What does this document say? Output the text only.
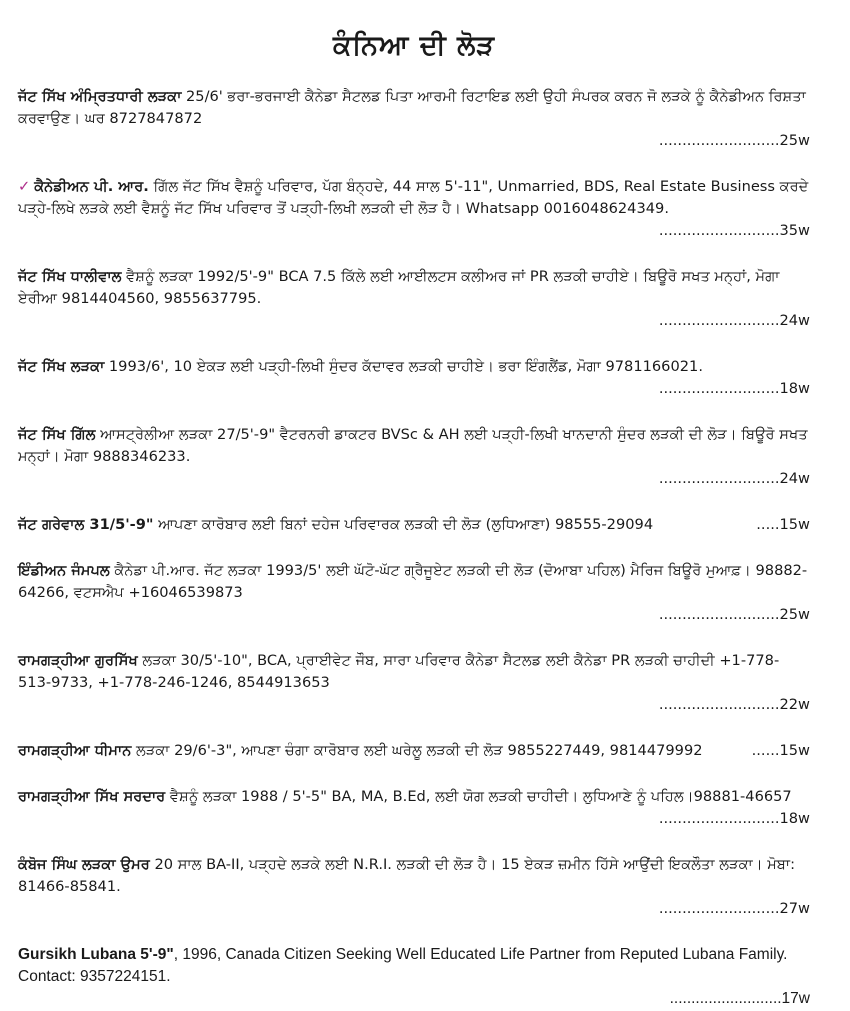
ਕੰਨਿਆ ਦੀ ਲੋੜ
ਜੱਟ ਸਿੱਖ ਅੰਮ੍ਰਿਤਧਾਰੀ ਲੜਕਾ 25/6' ਭਰਾ-ਭਰਜਾਈ ਕੈਨੇਡਾ ਸੈਟਲਡ ਪਿਤਾ ਆਰਮੀ ਰਿਟਾਇਡ ਲਈ ਉਹੀ ਸੰਪਰਕ ਕਰਨ ਜੋ ਲੜਕੇ ਨੂੰ ਕੈਨੇਡੀਅਨ ਰਿਸ਼ਤਾ ਕਰਵਾਉਣ। ਘਰ 8727847872
..........................25w
✓ ਕੈਨੇਡੀਅਨ ਪੀ. ਆਰ. ਗਿੱਲ ਜੱਟ ਸਿੱਖ ਵੈਸ਼ਨੂੰ ਪਰਿਵਾਰ, ਪੱਗ ਬੰਨ੍ਹਦੇ, 44 ਸਾਲ 5'-11", Unmarried, BDS, Real Estate Business ਕਰਦੇ ਪੜ੍ਹੇ-ਲਿਖੇ ਲੜਕੇ ਲਈ ਵੈਸ਼ਨੂੰ ਜੱਟ ਸਿੱਖ ਪਰਿਵਾਰ ਤੋਂ ਪੜ੍ਹੀ-ਲਿਖੀ ਲੜਕੀ ਦੀ ਲੋੜ ਹੈ। Whatsapp 0016048624349.
..........................35w
ਜੱਟ ਸਿੱਖ ਧਾਲੀਵਾਲ ਵੈਸ਼ਨੂੰ ਲੜਕਾ 1992/5'-9" BCA 7.5 ਕਿੱਲੇ ਲਈ ਆਈਲਟਸ ਕਲੀਅਰ ਜਾਂ PR ਲੜਕੀ ਚਾਹੀਏ। ਬਿਊਰੋ ਸਖਤ ਮਨ੍ਹਾਂ, ਮੋਗਾ ਏਰੀਆ 9814404560, 9855637795.
..........................24w
ਜੱਟ ਸਿੱਖ ਲੜਕਾ 1993/6', 10 ਏਕੜ ਲਈ ਪੜ੍ਹੀ-ਲਿਖੀ ਸੁੰਦਰ ਕੱਦਾਵਰ ਲੜਕੀ ਚਾਹੀਏ। ਭਰਾ ਇੰਗਲੈਂਡ, ਮੋਗਾ 9781166021.
..........................18w
ਜੱਟ ਸਿੱਖ ਗਿੱਲ ਆਸਟ੍ਰੇਲੀਆ ਲੜਕਾ 27/5'-9" ਵੈਟਰਨਰੀ ਡਾਕਟਰ BVSc & AH ਲਈ ਪੜ੍ਹੀ-ਲਿਖੀ ਖਾਨਦਾਨੀ ਸੁੰਦਰ ਲੜਕੀ ਦੀ ਲੋੜ। ਬਿਊਰੋ ਸਖਤ ਮਨ੍ਹਾਂ। ਮੋਗਾ 9888346233.
..........................24w
.....15w
ਜੱਟ ਗਰੇਵਾਲ 31/5'-9" ਆਪਣਾ ਕਾਰੋਬਾਰ ਲਈ ਬਿਨਾਂ ਦਹੇਜ ਪਰਿਵਾਰਕ ਲੜਕੀ ਦੀ ਲੋੜ (ਲੁਧਿਆਣਾ) 98555-29094
ਇੰਡੀਅਨ ਜੰਮਪਲ ਕੈਨੇਡਾ ਪੀ.ਆਰ. ਜੱਟ ਲੜਕਾ 1993/5' ਲਈ ਘੱਟੋ-ਘੱਟ ਗ੍ਰੈਜੂਏਟ ਲੜਕੀ ਦੀ ਲੋੜ (ਦੋਆਬਾ ਪਹਿਲ) ਮੈਰਿਜ ਬਿਊਰੋ ਮੁਆਫ਼। 98882-64266, ਵਟਸਐਪ +16046539873
..........................25w
ਰਾਮਗੜ੍ਹੀਆ ਗੁਰਸਿੱਖ ਲੜਕਾ 30/5'-10", BCA, ਪ੍ਰਾਈਵੇਟ ਜੌਬ, ਸਾਰਾ ਪਰਿਵਾਰ ਕੈਨੇਡਾ ਸੈਟਲਡ ਲਈ ਕੈਨੇਡਾ PR ਲੜਕੀ ਚਾਹੀਦੀ +1-778-513-9733, +1-778-246-1246, 8544913653
..........................22w
......15w
ਰਾਮਗੜ੍ਹੀਆ ਧੀਮਾਨ ਲੜਕਾ 29/6'-3", ਆਪਣਾ ਚੰਗਾ ਕਾਰੋਬਾਰ ਲਈ ਘਰੇਲੂ ਲੜਕੀ ਦੀ ਲੋੜ 9855227449, 9814479992
ਰਾਮਗੜ੍ਹੀਆ ਸਿੱਖ ਸਰਦਾਰ ਵੈਸ਼ਨੂੰ ਲੜਕਾ 1988 / 5'-5" BA, MA, B.Ed, ਲਈ ਯੋਗ ਲੜਕੀ ਚਾਹੀਦੀ। ਲੁਧਿਆਣੇ ਨੂੰ ਪਹਿਲ।98881-46657
..........................18w
ਕੰਬੋਜ ਸਿੰਘ ਲੜਕਾ ਉਮਰ 20 ਸਾਲ BA-II, ਪੜ੍ਹਦੇ ਲੜਕੇ ਲਈ N.R.I. ਲੜਕੀ ਦੀ ਲੋੜ ਹੈ। 15 ਏਕੜ ਜ਼ਮੀਨ ਹਿੱਸੇ ਆਉਂਦੀ ਇਕਲੌਤਾ ਲੜਕਾ। ਮੋਬਾ: 81466-85841.
..........................27w
Gursikh Lubana 5'-9", 1996, Canada Citizen Seeking Well Educated Life Partner from Reputed Lubana Family. Contact: 9357224151.
..........................17w
